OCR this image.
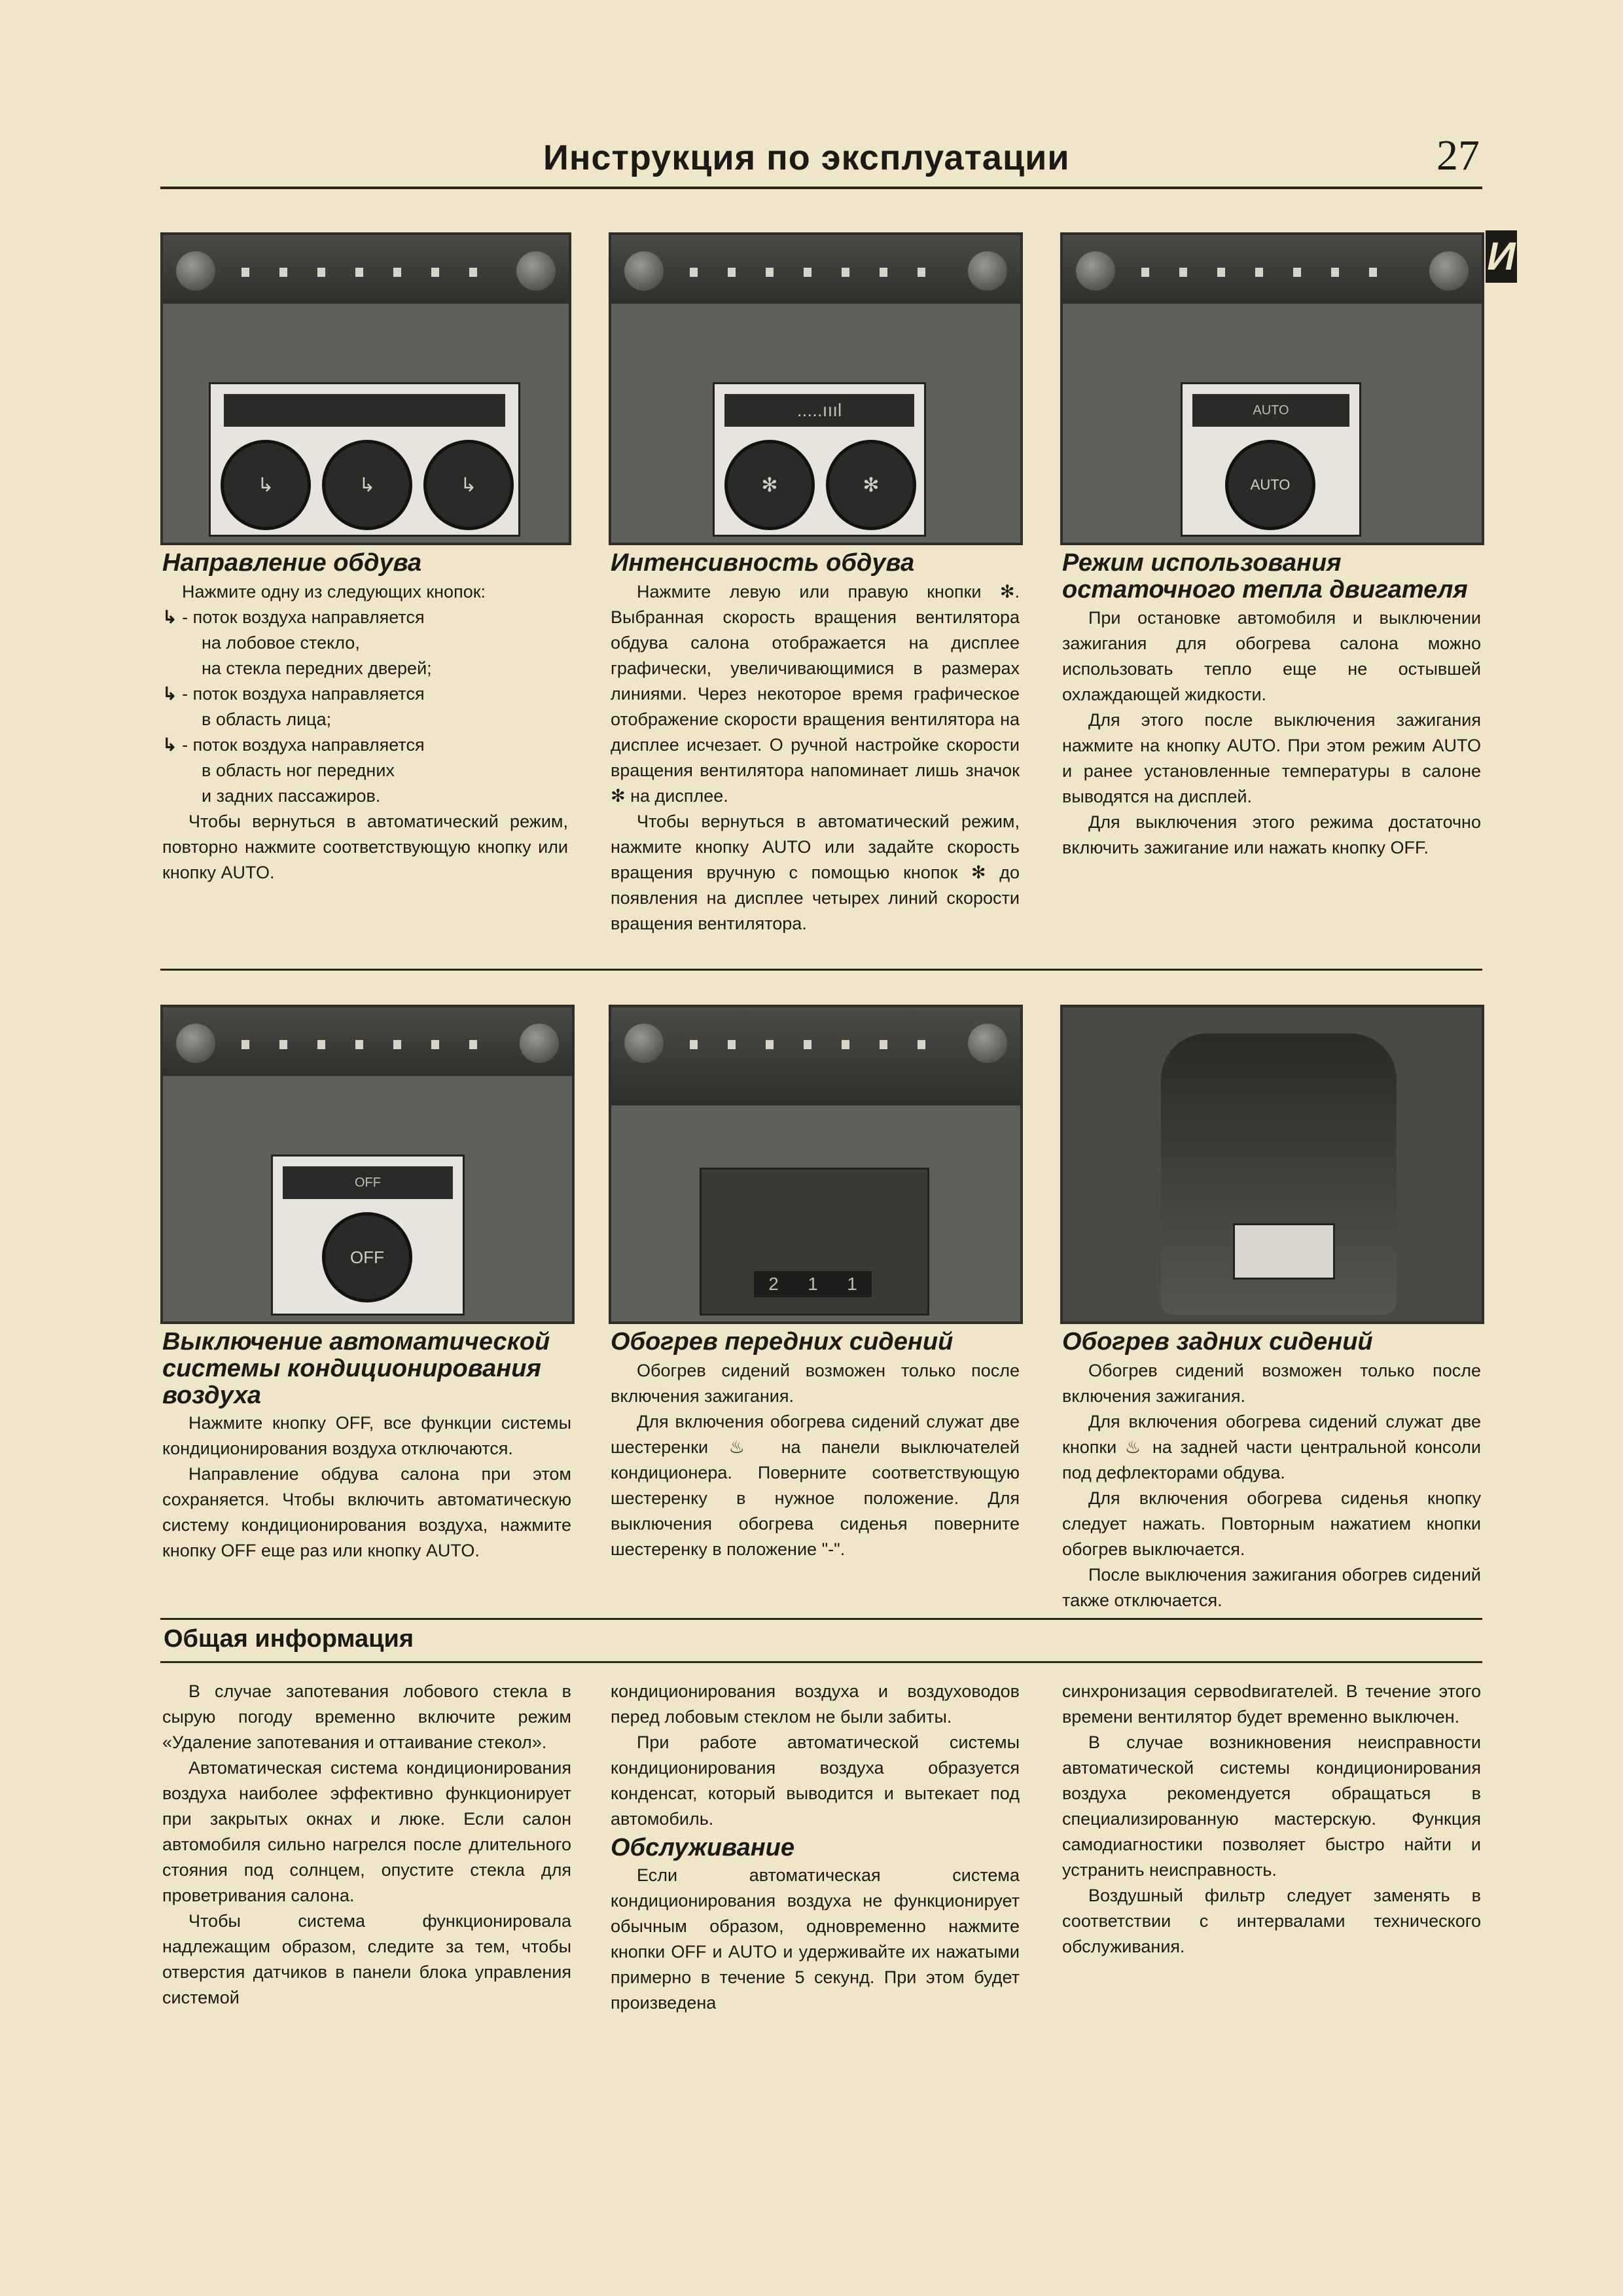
Инструкция по эксплуатации	27
И
↳	↳	↳
.....ıııl
✻	✻
AUTO
AUTO
Направление обдува

Нажмите одну из следующих кнопок:

↳ - поток воздуха направляется
на лобовое стекло,
на стекла передних дверей;
↳ - поток воздуха направляется
в область лица;
↳ - поток воздуха направляется
в область ног передних
и задних пассажиров.

Чтобы вернуться в автоматический режим, повторно нажмите соответствующую кнопку или кнопку AUTO.

Интенсивность обдува

Нажмите левую или правую кнопки ✻. Выбранная скорость вращения вентилятора обдува салона отображается на дисплее графически, увеличивающимися в размерах линиями. Через некоторое время графическое отображение скорости вращения вентилятора на дисплее исчезает. О ручной настройке скорости вращения вентилятора напоминает лишь значок ✻ на дисплее.

Чтобы вернуться в автоматический режим, нажмите кнопку AUTO или задайте скорость вращения вручную с помощью кнопок ✻ до появления на дисплее четырех линий скорости вращения вентилятора.

Режим использования остаточного тепла двигателя

При остановке автомобиля и выключении зажигания для обогрева салона можно использовать тепло еще не остывшей охлаждающей жидкости.

Для этого после выключения зажигания нажмите на кнопку AUTO. При этом режим AUTO и ранее установленные температуры в салоне выводятся на дисплей.

Для выключения этого режима достаточно включить зажигание или нажать кнопку OFF.

OFF
OFF
2 1 1
Выключение автоматической системы кондиционирования воздуха

Нажмите кнопку OFF, все функции системы кондиционирования воздуха отключаются.

Направление обдува салона при этом сохраняется. Чтобы включить автоматическую систему кондиционирования воздуха, нажмите кнопку OFF еще раз или кнопку AUTO.

Обогрев передних сидений

Обогрев сидений возможен только после включения зажигания.

Для включения обогрева сидений служат две шестеренки ♨ на панели выключателей кондиционера. Поверните соответствующую шестеренку в нужное положение. Для выключения обогрева сиденья поверните шестеренку в положение "-".

Обогрев задних сидений

Обогрев сидений возможен только после включения зажигания.

Для включения обогрева сидений служат две кнопки ♨ на задней части центральной консоли под дефлекторами обдува.

Для включения обогрева сиденья кнопку следует нажать. Повторным нажатием кнопки обогрев выключается.

После выключения зажигания обогрев сидений также отключается.

Общая информация

В случае запотевания лобового стекла в сырую погоду временно включите режим «Удаление запотевания и оттаивание стекол».

Автоматическая система кондиционирования воздуха наиболее эффективно функционирует при закрытых окнах и люке. Если салон автомобиля сильно нагрелся после длительного стояния под солнцем, опустите стекла для проветривания салона.

Чтобы система функционировала надлежащим образом, следите за тем, чтобы отверстия датчиков в панели блока управления системой

кондиционирования воздуха и воздуховодов перед лобовым стеклом не были забиты.

При работе автоматической системы кондиционирования воздуха образуется конденсат, который выводится и вытекает под автомобиль.

Обслуживание

Если автоматическая система кондиционирования воздуха не функционирует обычным образом, одновременно нажмите кнопки OFF и AUTO и удерживайте их нажатыми примерно в течение 5 секунд. При этом будет произведена

синхронизация сервodвигателей. В течение этого времени вентилятор будет временно выключен.

В случае возникновения неисправности автоматической системы кондиционирования воздуха рекомендуется обращаться в специализированную мастерскую. Функция самодиагностики позволяет быстро найти и устранить неисправность.

Воздушный фильтр следует заменять в соответствии с интервалами технического обслуживания.
